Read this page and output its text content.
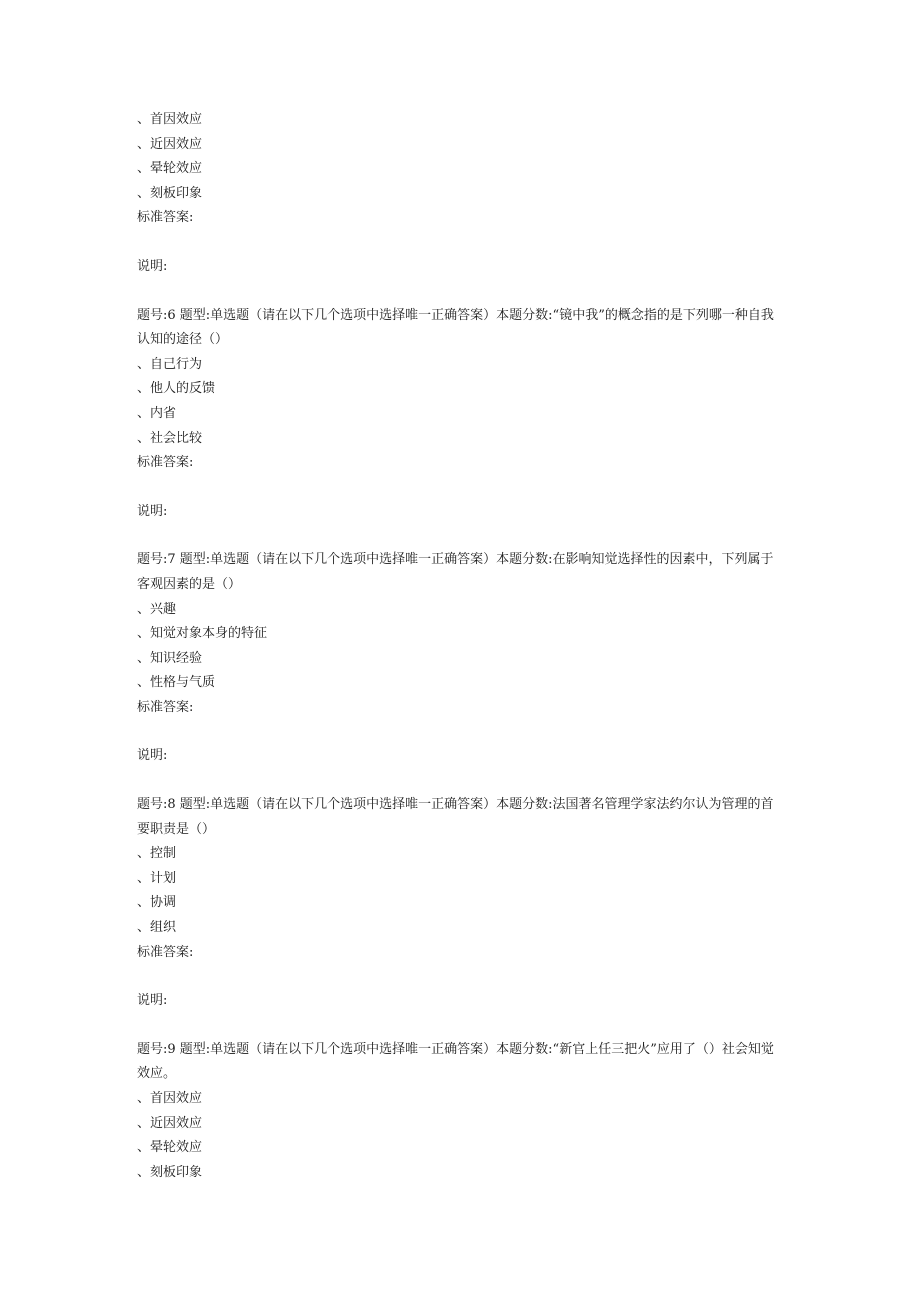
、首因效应
、近因效应
、晕轮效应
、刻板印象
标准答案:
说明:
题号:6 题型:单选题（请在以下几个选项中选择唯一正确答案）本题分数:“镜中我”的概念指的是下列哪一种自我认知的途径（）
、自己行为
、他人的反馈
、内省
、社会比较
标准答案:
说明:
题号:7 题型:单选题（请在以下几个选项中选择唯一正确答案）本题分数:在影响知觉选择性的因素中，下列属于客观因素的是（）
、兴趣
、知觉对象本身的特征
、知识经验
、性格与气质
标准答案:
说明:
题号:8 题型:单选题（请在以下几个选项中选择唯一正确答案）本题分数:法国著名管理学家法约尔认为管理的首要职责是（）
、控制
、计划
、协调
、组织
标准答案:
说明:
题号:9 题型:单选题（请在以下几个选项中选择唯一正确答案）本题分数:“新官上任三把火”应用了（）社会知觉效应。
、首因效应
、近因效应
、晕轮效应
、刻板印象
